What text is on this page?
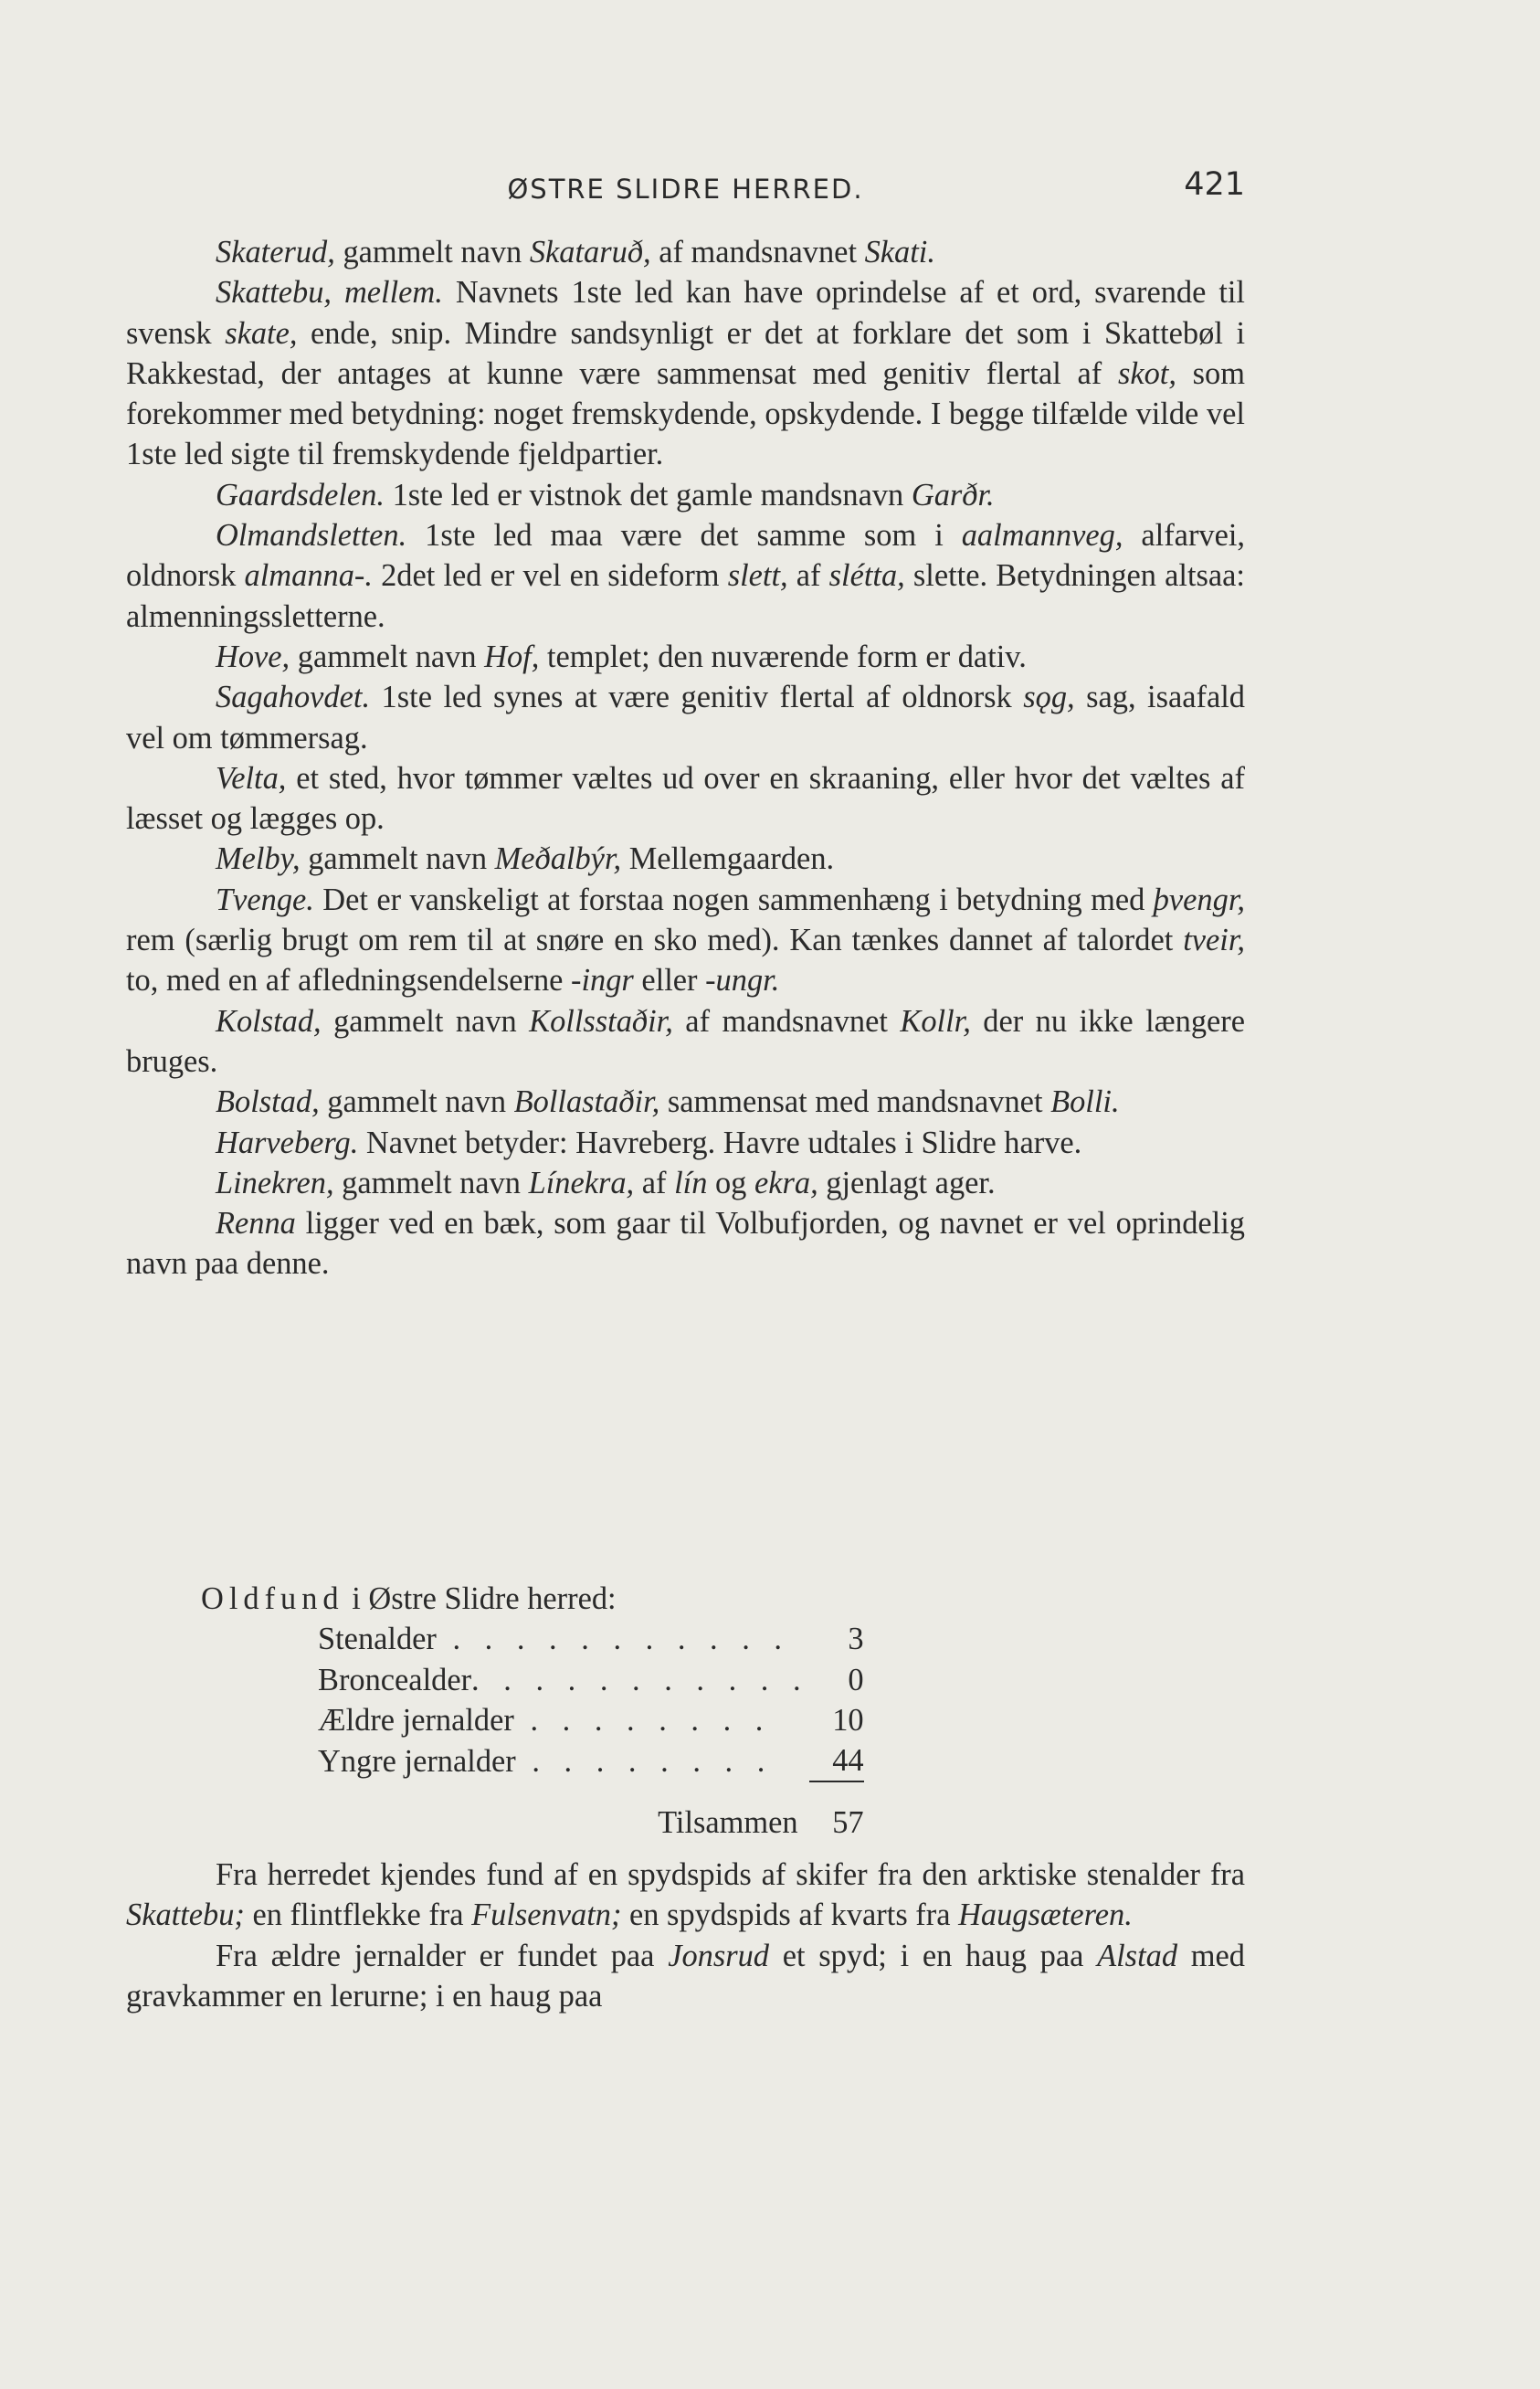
ØSTRE SLIDRE HERRED.	421

Skaterud, gammelt navn Skataruð, af mandsnavnet Skati.

Skattebu, mellem. Navnets 1ste led kan have oprindelse af et ord, svarende til svensk skate, ende, snip. Mindre sandsynligt er det at forklare det som i Skattebøl i Rakkestad, der antages at kunne være sammensat med genitiv flertal af skot, som forekommer med betydning: noget fremskydende, opskydende. I begge tilfælde vilde vel 1ste led sigte til fremskydende fjeldpartier.

Gaardsdelen. 1ste led er vistnok det gamle mandsnavn Garðr.

Olmandsletten. 1ste led maa være det samme som i aalmannveg, alfarvei, oldnorsk almanna-. 2det led er vel en sideform slett, af slétta, slette. Betydningen altsaa: almenningssletterne.

Hove, gammelt navn Hof, templet; den nuværende form er dativ.

Sagahovdet. 1ste led synes at være genitiv flertal af oldnorsk sǫg, sag, isaafald vel om tømmersag.

Velta, et sted, hvor tømmer væltes ud over en skraaning, eller hvor det væltes af læsset og lægges op.

Melby, gammelt navn Meðalbýr, Mellemgaarden.

Tvenge. Det er vanskeligt at forstaa nogen sammenhæng i betydning med þvengr, rem (særlig brugt om rem til at snøre en sko med). Kan tænkes dannet af talordet tveir, to, med en af afledningsendelserne -ingr eller -ungr.

Kolstad, gammelt navn Kollsstaðir, af mandsnavnet Kollr, der nu ikke længere bruges.

Bolstad, gammelt navn Bollastaðir, sammensat med mandsnavnet Bolli.

Harveberg. Navnet betyder: Havreberg. Havre udtales i Slidre harve.

Linekren, gammelt navn Línekra, af lín og ekra, gjenlagt ager.

Renna ligger ved en bæk, som gaar til Volbufjorden, og navnet er vel oprindelig navn paa denne.

Oldfund i Østre Slidre herred:

Stenalder . . . . . . . . . . .	3
Broncealder. . . . . . . . . . .	0
Ældre jernalder . . . . . . . .	10
Yngre jernalder . . . . . . . .	44
Tilsammen	57

Fra herredet kjendes fund af en spydspids af skifer fra den arktiske stenalder fra Skattebu; en flintflekke fra Fulsenvatn; en spydspids af kvarts fra Haugsæteren.

Fra ældre jernalder er fundet paa Jonsrud et spyd; i en haug paa Alstad med gravkammer en lerurne; i en haug paa
